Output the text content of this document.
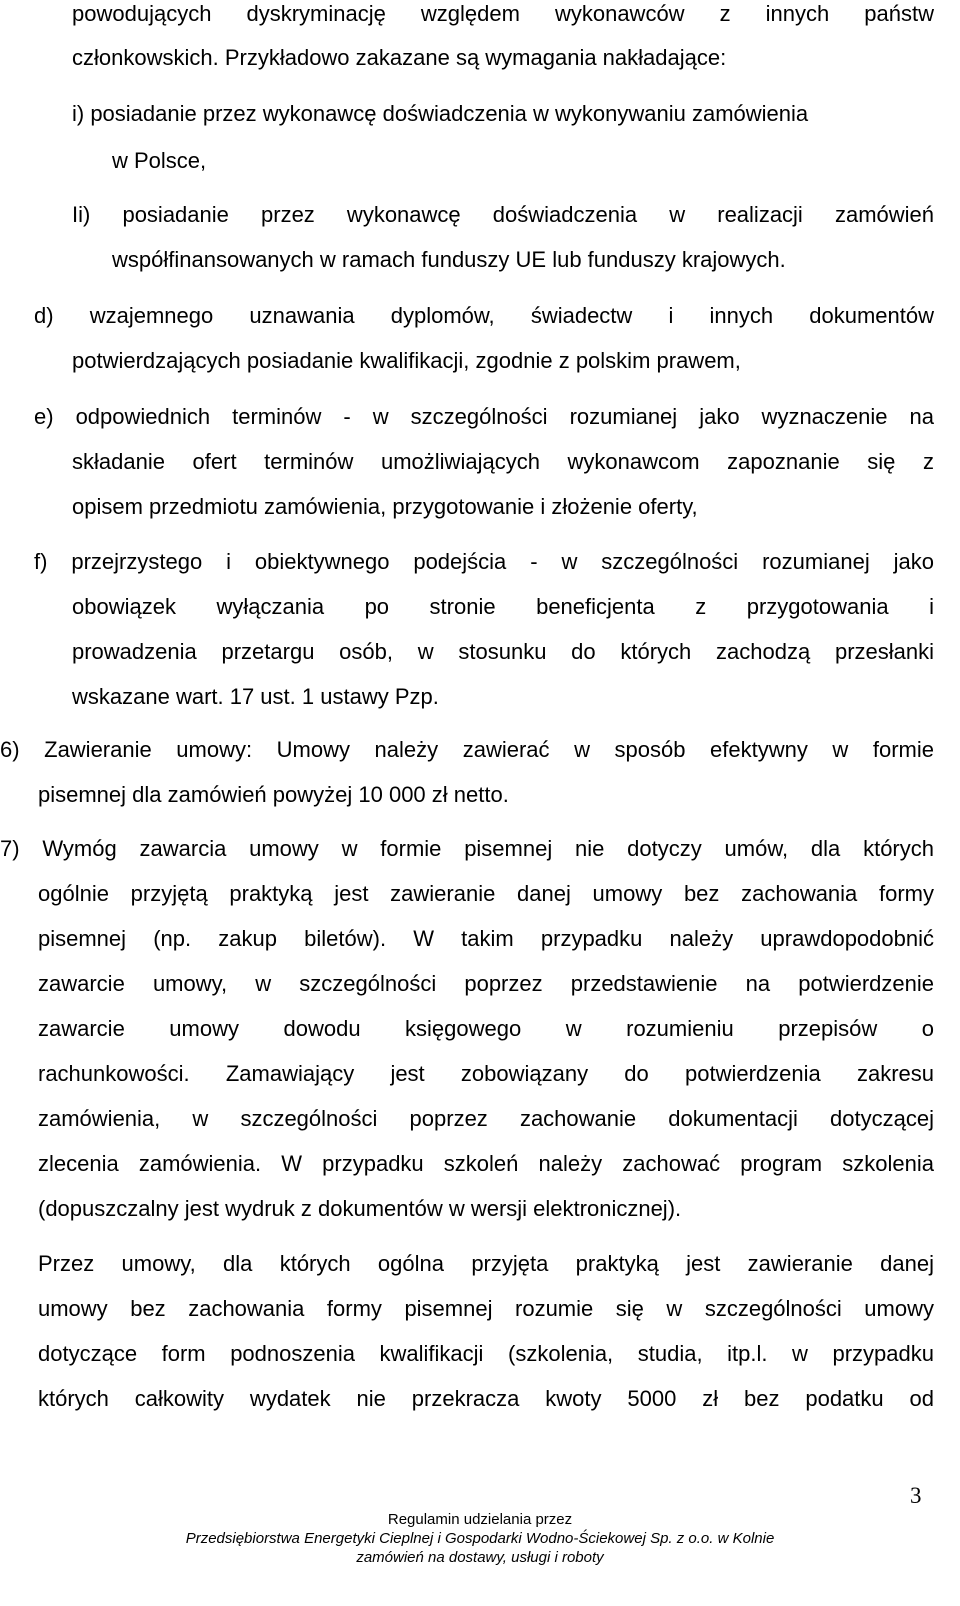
powodujących dyskryminację względem wykonawców z innych państw
członkowskich. Przykładowo zakazane są wymagania nakładające:
i) posiadanie przez wykonawcę doświadczenia w wykonywaniu zamówienia
w Polsce,
Ii) posiadanie przez wykonawcę doświadczenia w realizacji zamówień
współfinansowanych w ramach funduszy UE lub funduszy krajowych.
d) wzajemnego uznawania dyplomów, świadectw i innych dokumentów
potwierdzających posiadanie kwalifikacji, zgodnie z polskim prawem,
e) odpowiednich terminów - w szczególności rozumianej jako wyznaczenie na
składanie ofert terminów umożliwiających wykonawcom zapoznanie się z
opisem przedmiotu zamówienia, przygotowanie i złożenie oferty,
f) przejrzystego i obiektywnego podejścia - w szczególności rozumianej jako
obowiązek wyłączania po stronie beneficjenta z przygotowania i
prowadzenia przetargu osób, w stosunku do których zachodzą przesłanki
wskazane wart. 17 ust. 1 ustawy Pzp.
6) Zawieranie umowy: Umowy należy zawierać w sposób efektywny w formie
pisemnej dla zamówień powyżej 10 000 zł netto.
7) Wymóg zawarcia umowy w formie pisemnej nie dotyczy umów, dla których
ogólnie przyjętą praktyką jest zawieranie danej umowy bez zachowania formy
pisemnej (np. zakup biletów). W takim przypadku należy uprawdopodobnić
zawarcie umowy, w szczególności poprzez przedstawienie na potwierdzenie
zawarcie umowy dowodu księgowego w rozumieniu przepisów o
rachunkowości. Zamawiający jest zobowiązany do potwierdzenia zakresu
zamówienia, w szczególności poprzez zachowanie dokumentacji dotyczącej
zlecenia zamówienia. W przypadku szkoleń należy zachować program szkolenia
(dopuszczalny jest wydruk z dokumentów w wersji elektronicznej).
Przez umowy, dla których ogólna przyjęta praktyką jest zawieranie danej
umowy bez zachowania formy pisemnej rozumie się w szczególności umowy
dotyczące form podnoszenia kwalifikacji (szkolenia, studia, itp.l. w przypadku
których całkowity wydatek nie przekracza kwoty 5000 zł bez podatku od
3
Regulamin udzielania przez
Przedsiębiorstwa Energetyki Cieplnej i Gospodarki Wodno-Ściekowej Sp. z o.o. w Kolnie
zamówień na dostawy, usługi i roboty
